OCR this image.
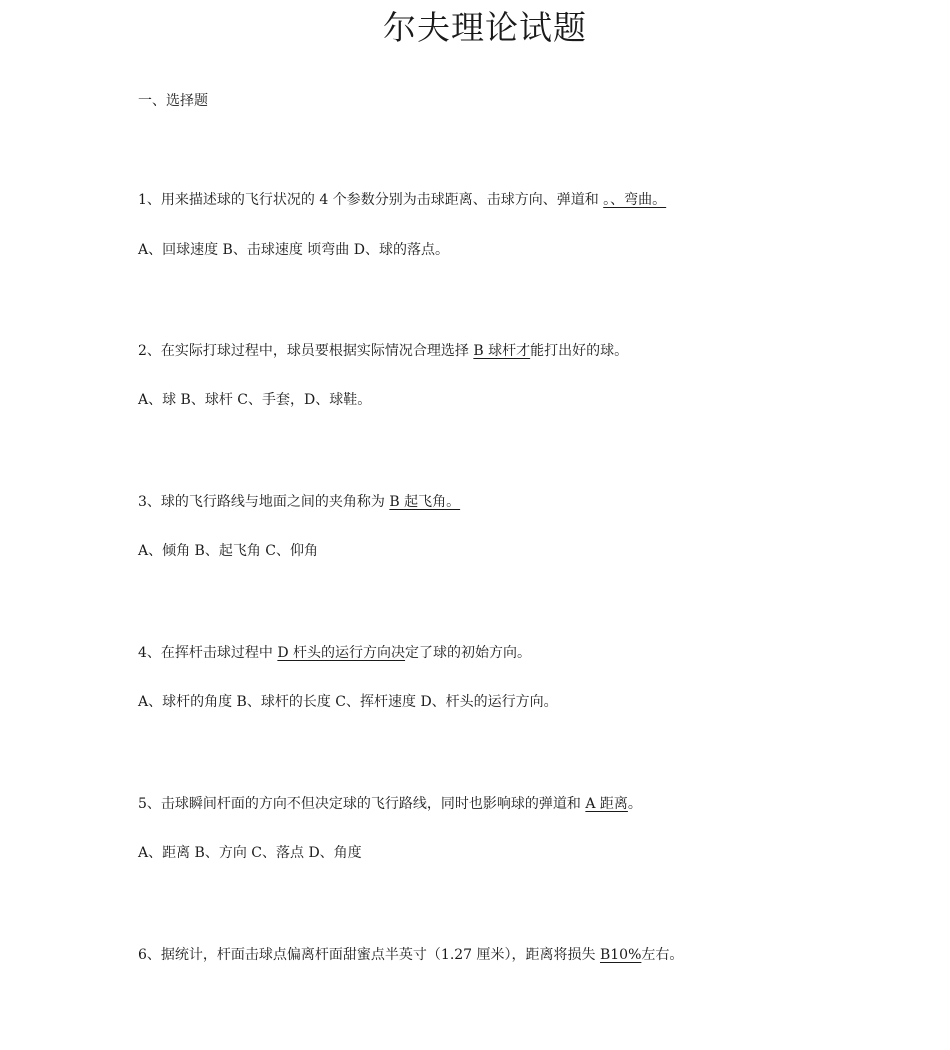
尔夫理论试题
一、选择题

1、用来描述球的飞行状况的 4 个参数分别为击球距离、击球方向、弹道和 。、弯曲。

A、回球速度 B、击球速度 顷弯曲 D、球的落点。

2、在实际打球过程中，球员要根据实际情况合理选择 B 球杆才能打出好的球。

A、球 B、球杆 C、手套，D、球鞋。

3、球的飞行路线与地面之间的夹角称为 B 起飞角。

A、倾角 B、起飞角 C、仰角

4、在挥杆击球过程中 D 杆头的运行方向决定了球的初始方向。

A、球杆的角度 B、球杆的长度 C、挥杆速度 D、杆头的运行方向。

5、击球瞬间杆面的方向不但决定球的飞行路线，同时也影响球的弹道和 A 距离。

A、距离 B、方向 C、落点 D、角度

6、据统计，杆面击球点偏离杆面甜蜜点半英寸（1.27 厘米），距离将损失 B10%左右。
